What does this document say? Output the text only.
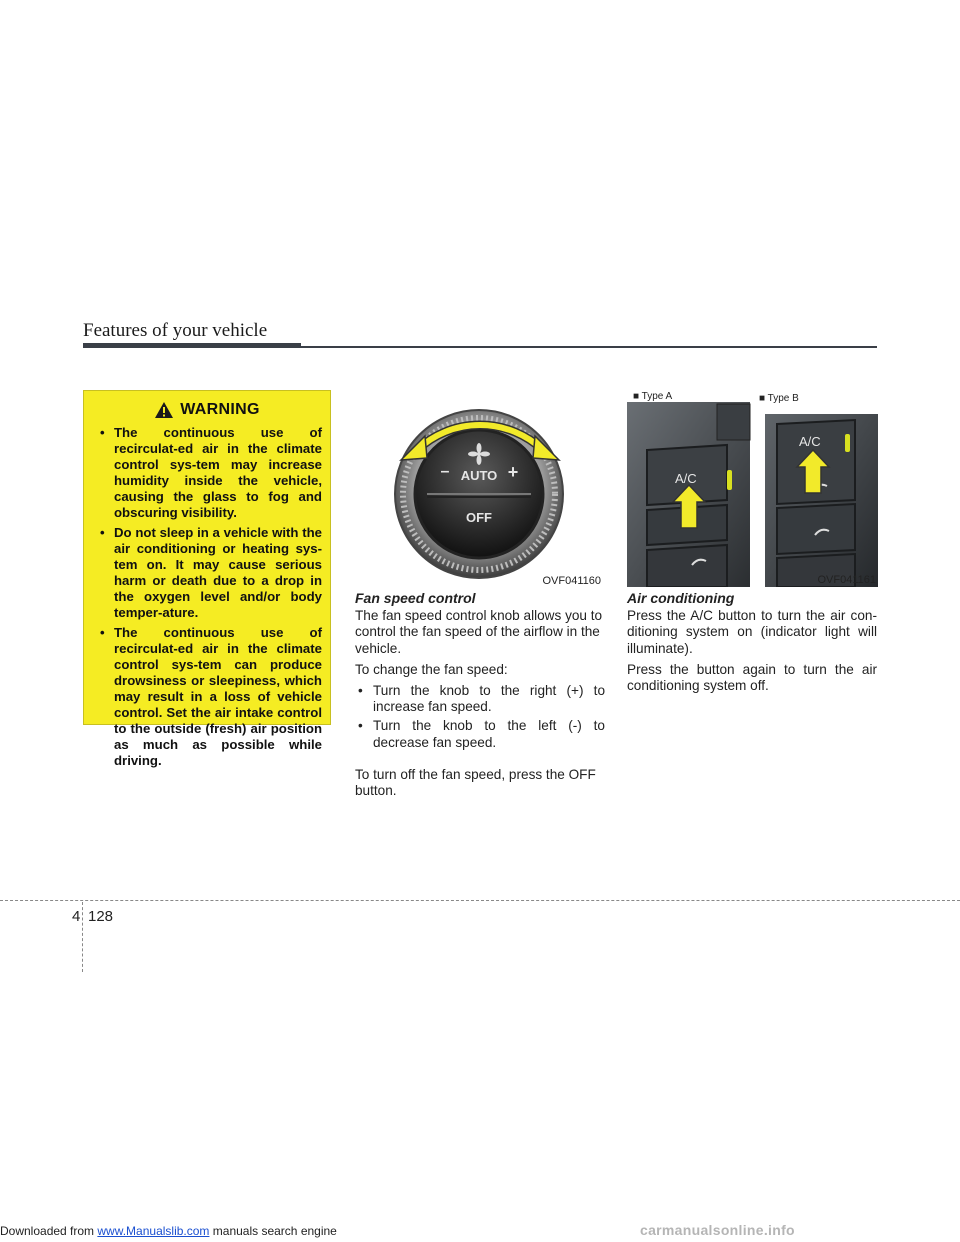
Features of your vehicle
WARNING
• The continuous use of recirculat-ed air in the climate control sys-tem may increase humidity inside the vehicle, causing the glass to fog and obscuring visibility.
• Do not sleep in a vehicle with the air conditioning or heating sys-tem on. It may cause serious harm or death due to a drop in the oxygen level and/or body temper-ature.
• The continuous use of recirculat-ed air in the climate control sys-tem can produce drowsiness or sleepiness, which may result in a loss of vehicle control. Set the air intake control to the outside (fresh) air position as much as possible while driving.
AUTO
–	+
OFF
OVF041160
A/C
■ Type A
A/C
■ Type B
OVF041161
Fan speed control

The fan speed control knob allows you to control the fan speed of the airflow in the vehicle.

To change the fan speed:

• Turn the knob to the right (+) to increase fan speed.
• Turn the knob to the left (-) to decrease fan speed.

To turn off the fan speed, press the OFF button.

Air conditioning

Press the A/C button to turn the air con-ditioning system on (indicator light will illuminate).

Press the button again to turn the air conditioning system off.

4 128
Downloaded from www.Manualslib.com manuals search engine	carmanualsonline.info
